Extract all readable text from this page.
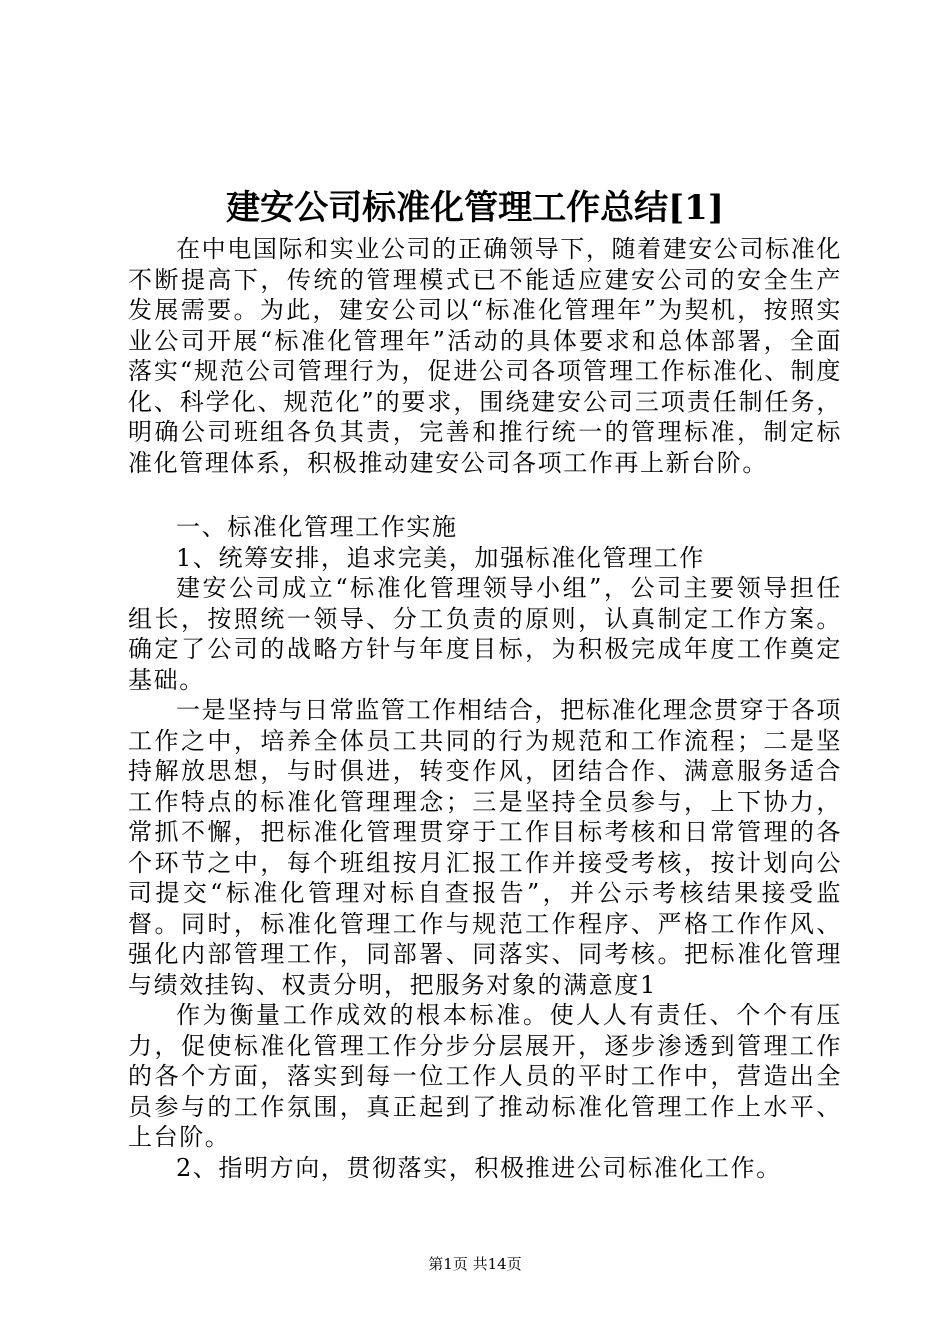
建安公司标准化管理工作总结[1]

在中电国际和实业公司的正确领导下，随着建安公司标准化不断提高下，传统的管理模式已不能适应建安公司的安全生产发展需要。为此，建安公司以“标准化管理年”为契机，按照实业公司开展“标准化管理年”活动的具体要求和总体部署，全面落实“规范公司管理行为，促进公司各项管理工作标准化、制度化、科学化、规范化”的要求，围绕建安公司三项责任制任务，明确公司班组各负其责，完善和推行统一的管理标准，制定标准化管理体系，积极推动建安公司各项工作再上新台阶。

一、标准化管理工作实施

1、统筹安排，追求完美，加强标准化管理工作

建安公司成立“标准化管理领导小组”，公司主要领导担任组长，按照统一领导、分工负责的原则，认真制定工作方案。确定了公司的战略方针与年度目标，为积极完成年度工作奠定基础。

一是坚持与日常监管工作相结合，把标准化理念贯穿于各项工作之中，培养全体员工共同的行为规范和工作流程；二是坚持解放思想，与时俱进，转变作风，团结合作、满意服务适合工作特点的标准化管理理念；三是坚持全员参与，上下协力，常抓不懈，把标准化管理贯穿于工作目标考核和日常管理的各个环节之中，每个班组按月汇报工作并接受考核，按计划向公司提交“标准化管理对标自查报告”，并公示考核结果接受监督。同时，标准化管理工作与规范工作程序、严格工作作风、强化内部管理工作，同部署、同落实、同考核。把标准化管理与绩效挂钩、权责分明，把服务对象的满意度1

作为衡量工作成效的根本标准。使人人有责任、个个有压力，促使标准化管理工作分步分层展开，逐步渗透到管理工作的各个方面，落实到每一位工作人员的平时工作中，营造出全员参与的工作氛围，真正起到了推动标准化管理工作上水平、上台阶。

2、指明方向，贯彻落实，积极推进公司标准化工作。

第1页 共14页
